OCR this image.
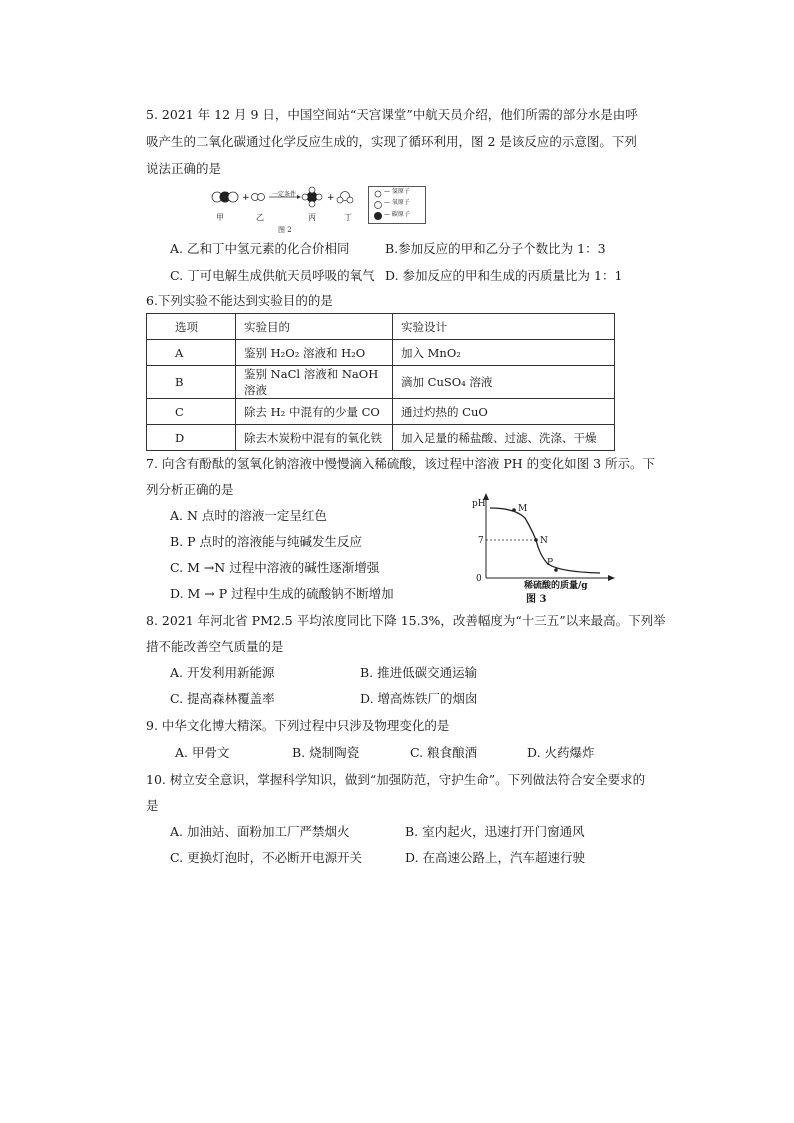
5. 2021 年 12 月 9 日，中国空间站“天宫课堂”中航天员介绍，他们所需的部分水是由呼
吸产生的二氧化碳通过化学反应生成的，实现了循环利用，图 2 是该反应的示意图。下列
说法正确的是
+	+
甲	乙
一定条件
丙	丁
图 2
— 氢原子
— 氧原子
— 碳原子
A. 乙和丁中氢元素的化合价相同	B.参加反应的甲和乙分子个数比为 1：3
C. 丁可电解生成供航天员呼吸的氧气 D. 参加反应的甲和生成的丙质量比为 1：1
6.下列实验不能达到实验目的的是
选项	实验目的	实验设计
A	鉴别 H₂O₂ 溶液和 H₂O	加入 MnO₂
B	鉴别 NaCl 溶液和 NaOH 溶液	滴加 CuSO₄ 溶液
C	除去 H₂ 中混有的少量 CO	通过灼热的 CuO
D	除去木炭粉中混有的氧化铁	加入足量的稀盐酸、过滤、洗涤、干燥
7. 向含有酚酞的氢氧化钠溶液中慢慢滴入稀硫酸，该过程中溶液 PH 的变化如图 3 所示。下
列分析正确的是
A. N 点时的溶液一定呈红色
B. P 点时的溶液能与纯碱发生反应
C. M →N 过程中溶液的碱性逐渐增强
D. M → P 过程中生成的硫酸钠不断增加
pH
7
0
M
N
P
稀硫酸的质量/g
图 3
8. 2021 年河北省 PM2.5 平均浓度同比下降 15.3%，改善幅度为“十三五”以来最高。下列举
措不能改善空气质量的是
A. 开发利用新能源	B. 推进低碳交通运输
C. 提高森林覆盖率	D. 增高炼铁厂的烟囱
9. 中华文化博大精深。下列过程中只涉及物理变化的是
A. 甲骨文	B. 烧制陶瓷	C. 粮食酿酒	D. 火药爆炸
10. 树立安全意识，掌握科学知识，做到“加强防范，守护生命”。下列做法符合安全要求的
是
A. 加油站、面粉加工厂严禁烟火	B. 室内起火，迅速打开门窗通风
C. 更换灯泡时，不必断开电源开关	D. 在高速公路上，汽车超速行驶
